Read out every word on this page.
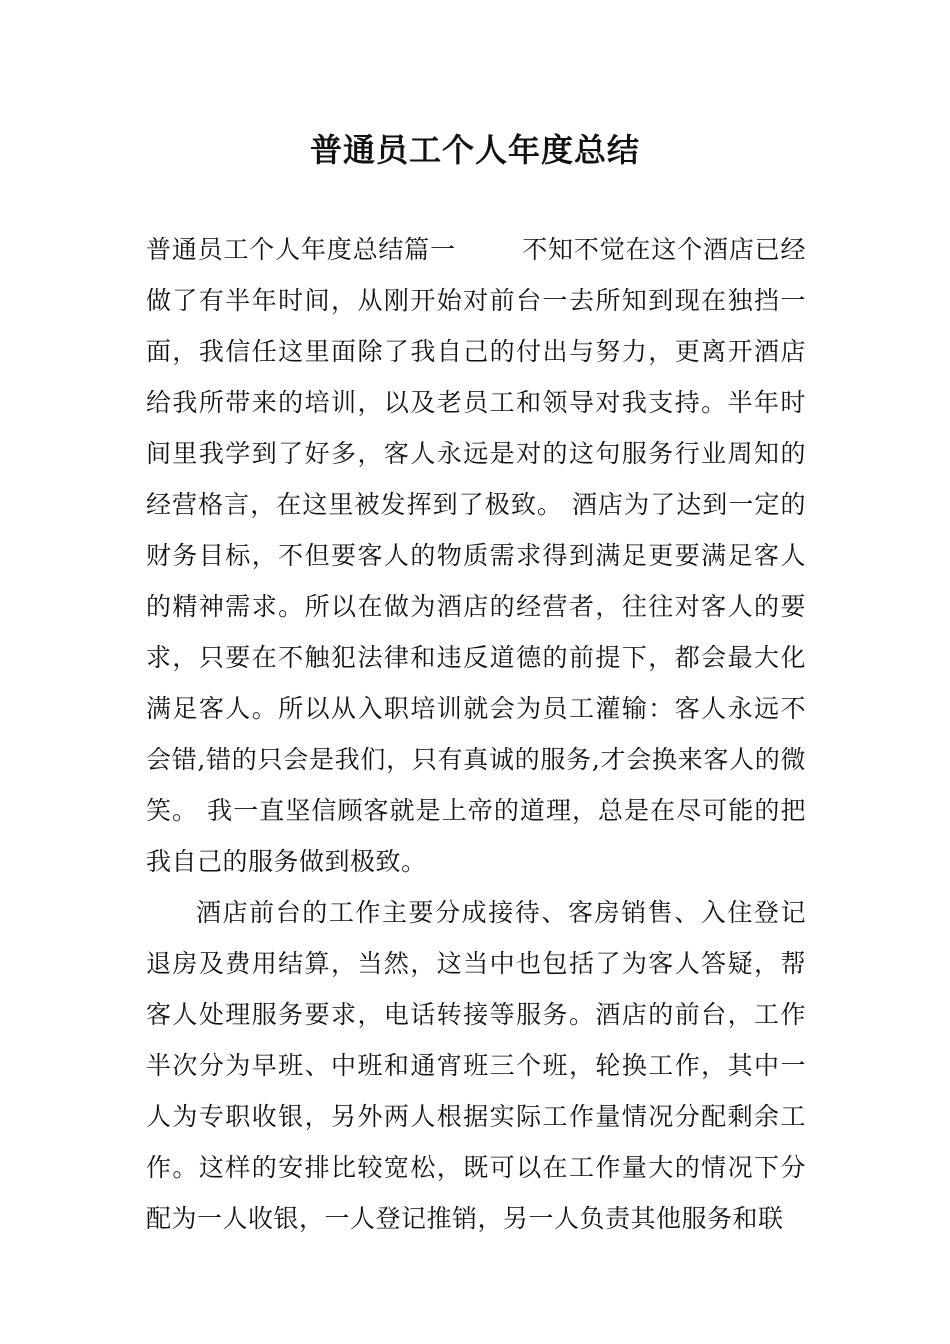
普通员工个人年度总结

普通员工个人年度总结篇一	不知不觉在这个酒店已经做了有半年时间，从刚开始对前台一去所知到现在独挡一面，我信任这里面除了我自己的付出与努力，更离开酒店给我所带来的培训，以及老员工和领导对我支持。半年时间里我学到了好多，客人永远是对的这句服务行业周知的经营格言，在这里被发挥到了极致。 酒店为了达到一定的财务目标，不但要客人的物质需求得到满足更要满足客人的精神需求。所以在做为酒店的经营者，往往对客人的要求，只要在不触犯法律和违反道德的前提下，都会最大化满足客人。所以从入职培训就会为员工灌输：客人永远不会错,错的只会是我们，只有真诚的服务,才会换来客人的微笑。 我一直坚信顾客就是上帝的道理，总是在尽可能的把我自己的服务做到极致。

酒店前台的工作主要分成接待、客房销售、入住登记退房及费用结算，当然，这当中也包括了为客人答疑，帮客人处理服务要求，电话转接等服务。酒店的前台，工作半次分为早班、中班和通宵班三个班，轮换工作，其中一人为专职收银，另外两人根据实际工作量情况分配剩余工作。这样的安排比较宽松，既可以在工作量大的情况下分配为一人收银，一人登记推销，另一人负责其他服务和联
